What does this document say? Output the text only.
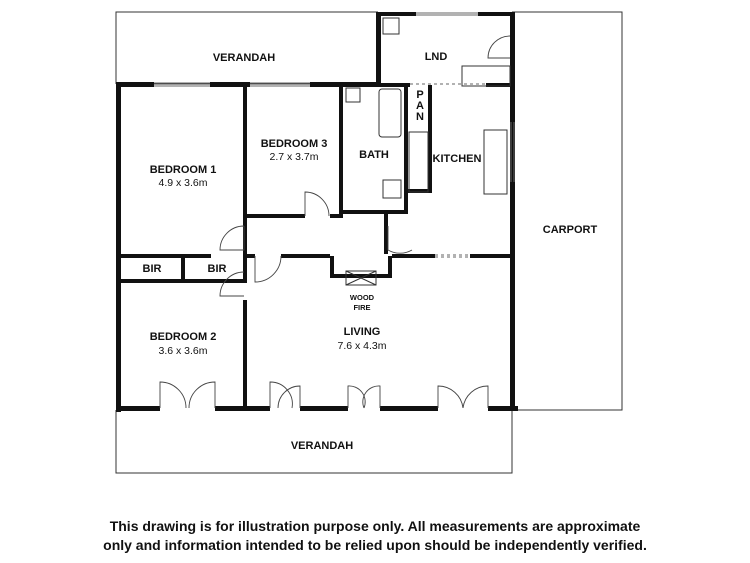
VERANDAH	LND
BEDROOM 1
4.9 x 3.6m
BEDROOM 3
2.7 x 3.7m
P
A
N
BATH	KITCHEN
CARPORT
BIR	BIR
WOOD
FIRE
LIVING
7.6 x 4.3m
BEDROOM 2
3.6 x 3.6m
VERANDAH
This drawing is for illustration purpose only. All measurements are approximate
only and information intended to be relied upon should be independently verified.
